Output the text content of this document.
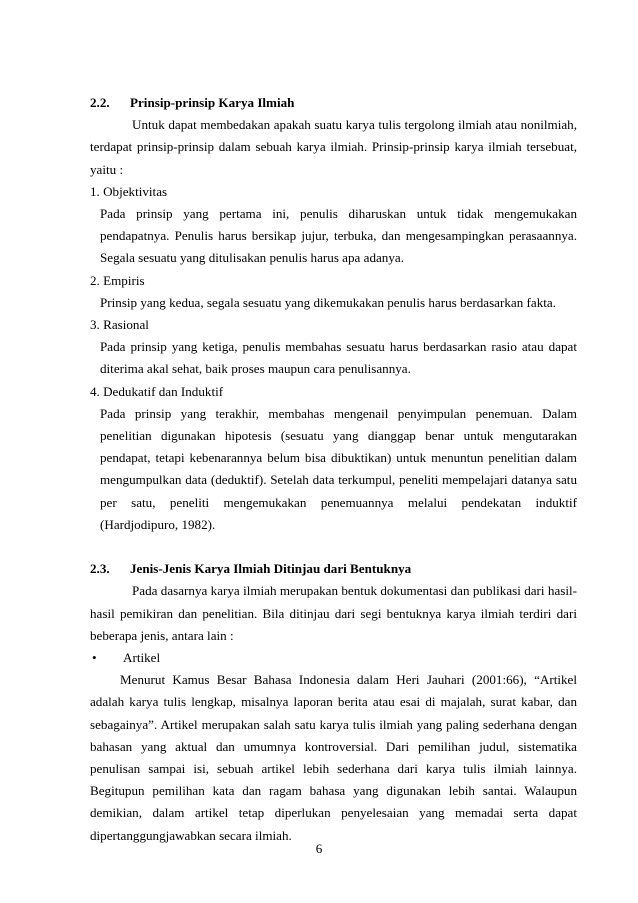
2.2. Prinsip-prinsip Karya Ilmiah

Untuk dapat membedakan apakah suatu karya tulis tergolong ilmiah atau nonilmiah, terdapat prinsip-prinsip dalam sebuah karya ilmiah. Prinsip-prinsip karya ilmiah tersebuat, yaitu :

1. Objektivitas

Pada prinsip yang pertama ini, penulis diharuskan untuk tidak mengemukakan pendapatnya. Penulis harus bersikap jujur, terbuka, dan mengesampingkan perasaannya. Segala sesuatu yang ditulisakan penulis harus apa adanya.

2. Empiris

Prinsip yang kedua, segala sesuatu yang dikemukakan penulis harus berdasarkan fakta.

3. Rasional

Pada prinsip yang ketiga, penulis membahas sesuatu harus berdasarkan rasio atau dapat diterima akal sehat, baik proses maupun cara penulisannya.

4. Dedukatif dan Induktif

Pada prinsip yang terakhir, membahas mengenail penyimpulan penemuan. Dalam penelitian digunakan hipotesis (sesuatu yang dianggap benar untuk mengutarakan pendapat, tetapi kebenarannya belum bisa dibuktikan) untuk menuntun penelitian dalam mengumpulkan data (deduktif). Setelah data terkumpul, peneliti mempelajari datanya satu per satu, peneliti mengemukakan penemuannya melalui pendekatan induktif (Hardjodipuro, 1982).

2.3. Jenis-Jenis Karya Ilmiah Ditinjau dari Bentuknya

Pada dasarnya karya ilmiah merupakan bentuk dokumentasi dan publikasi dari hasil-hasil pemikiran dan penelitian. Bila ditinjau dari segi bentuknya karya ilmiah terdiri dari beberapa jenis, antara lain :

• Artikel

Menurut Kamus Besar Bahasa Indonesia dalam Heri Jauhari (2001:66), “Artikel adalah karya tulis lengkap, misalnya laporan berita atau esai di majalah, surat kabar, dan sebagainya”. Artikel merupakan salah satu karya tulis ilmiah yang paling sederhana dengan bahasan yang aktual dan umumnya kontroversial. Dari pemilihan judul, sistematika penulisan sampai isi, sebuah artikel lebih sederhana dari karya tulis ilmiah lainnya. Begitupun pemilihan kata dan ragam bahasa yang digunakan lebih santai. Walaupun demikian, dalam artikel tetap diperlukan penyelesaian yang memadai serta dapat dipertanggungjawabkan secara ilmiah.

6
